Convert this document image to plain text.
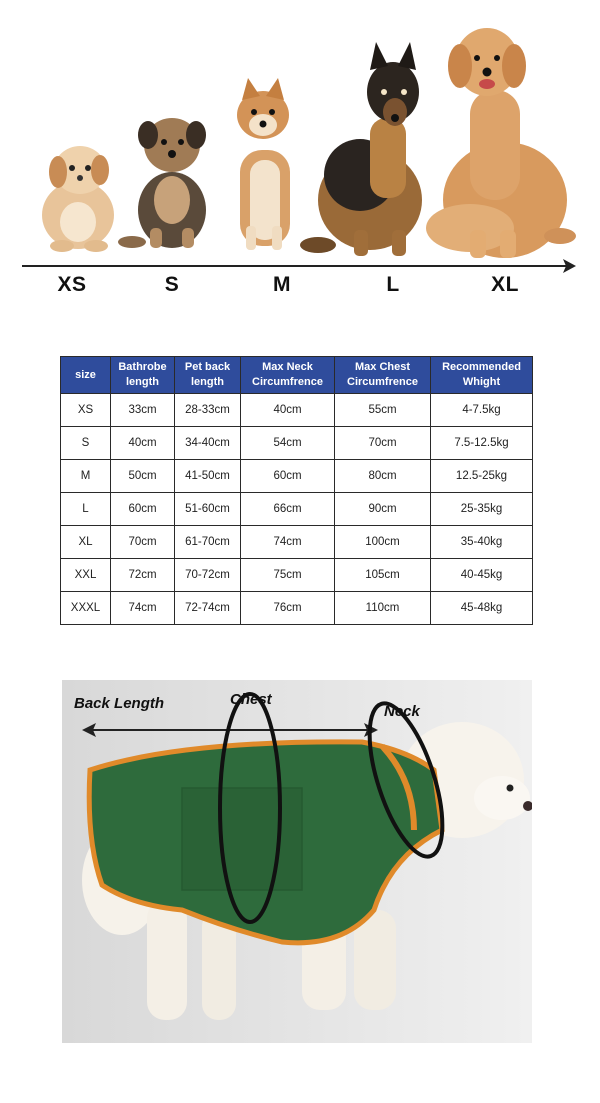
XS	S	M	L	XL
size	Bathrobe length	Pet back length	Max Neck Circumfrence	Max Chest Circumfrence	Recommended Whight
XS	33cm	28-33cm	40cm	55cm	4-7.5kg
S	40cm	34-40cm	54cm	70cm	7.5-12.5kg
M	50cm	41-50cm	60cm	80cm	12.5-25kg
L	60cm	51-60cm	66cm	90cm	25-35kg
XL	70cm	61-70cm	74cm	100cm	35-40kg
XXL	72cm	70-72cm	75cm	105cm	40-45kg
XXXL	74cm	72-74cm	76cm	110cm	45-48kg
Back Length	Chest
Neck
